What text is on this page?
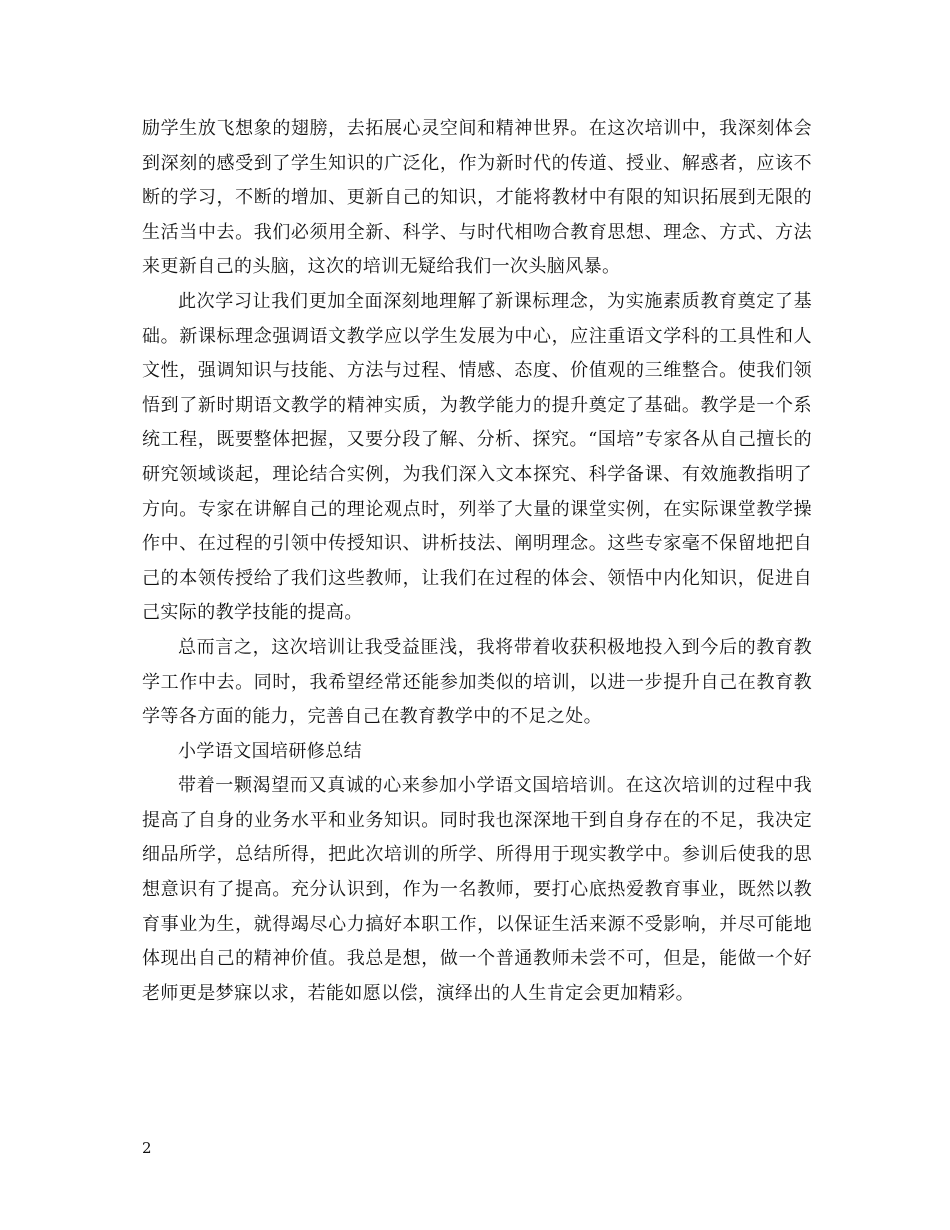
励学生放飞想象的翅膀，去拓展心灵空间和精神世界。在这次培训中，我深刻体会到深刻的感受到了学生知识的广泛化，作为新时代的传道、授业、解惑者，应该不断的学习，不断的增加、更新自己的知识，才能将教材中有限的知识拓展到无限的生活当中去。我们必须用全新、科学、与时代相吻合教育思想、理念、方式、方法来更新自己的头脑，这次的培训无疑给我们一次头脑风暴。

此次学习让我们更加全面深刻地理解了新课标理念，为实施素质教育奠定了基础。新课标理念强调语文教学应以学生发展为中心，应注重语文学科的工具性和人文性，强调知识与技能、方法与过程、情感、态度、价值观的三维整合。使我们领悟到了新时期语文教学的精神实质，为教学能力的提升奠定了基础。教学是一个系统工程，既要整体把握，又要分段了解、分析、探究。“国培”专家各从自己擅长的研究领域谈起，理论结合实例，为我们深入文本探究、科学备课、有效施教指明了方向。专家在讲解自己的理论观点时，列举了大量的课堂实例，在实际课堂教学操作中、在过程的引领中传授知识、讲析技法、阐明理念。这些专家毫不保留地把自己的本领传授给了我们这些教师，让我们在过程的体会、领悟中内化知识，促进自己实际的教学技能的提高。

总而言之，这次培训让我受益匪浅，我将带着收获积极地投入到今后的教育教学工作中去。同时，我希望经常还能参加类似的培训，以进一步提升自己在教育教学等各方面的能力，完善自己在教育教学中的不足之处。

小学语文国培研修总结

带着一颗渴望而又真诚的心来参加小学语文国培培训。在这次培训的过程中我提高了自身的业务水平和业务知识。同时我也深深地干到自身存在的不足，我决定细品所学，总结所得，把此次培训的所学、所得用于现实教学中。参训后使我的思想意识有了提高。充分认识到，作为一名教师，要打心底热爱教育事业，既然以教育事业为生，就得竭尽心力搞好本职工作，以保证生活来源不受影响，并尽可能地体现出自己的精神价值。我总是想，做一个普通教师未尝不可，但是，能做一个好老师更是梦寐以求，若能如愿以偿，演绎出的人生肯定会更加精彩。

2
